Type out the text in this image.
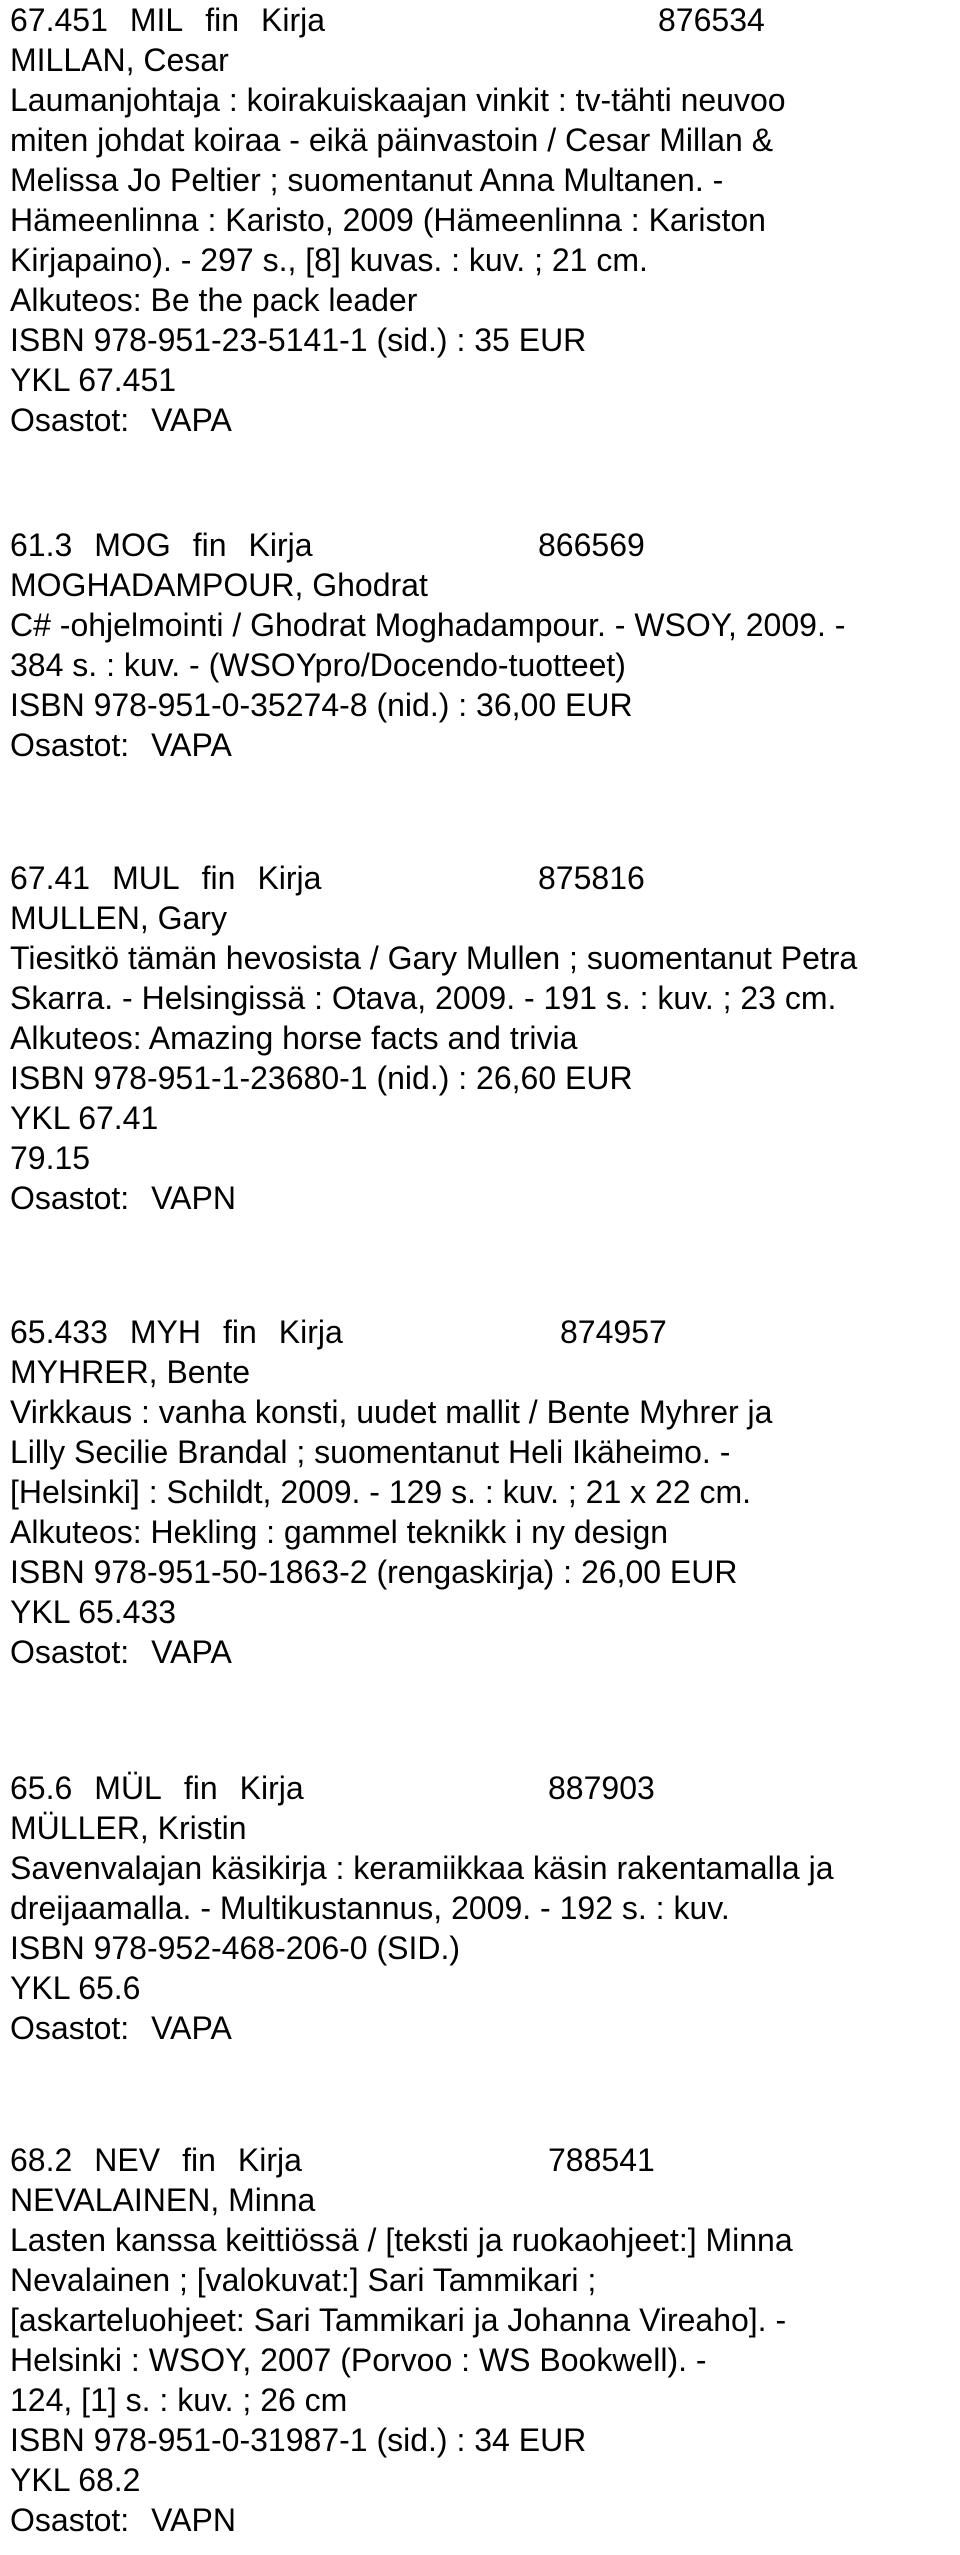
67.451 MIL fin Kirja	876534
MILLAN, Cesar
Laumanjohtaja : koirakuiskaajan vinkit : tv-tähti neuvoo
miten johdat koiraa - eikä päinvastoin / Cesar Millan &
Melissa Jo Peltier ; suomentanut Anna Multanen. -
Hämeenlinna : Karisto, 2009 (Hämeenlinna : Kariston
Kirjapaino). - 297 s., [8] kuvas. : kuv. ; 21 cm.
Alkuteos: Be the pack leader
ISBN 978-951-23-5141-1 (sid.) : 35 EUR
YKL 67.451
Osastot: VAPA
61.3 MOG fin Kirja	866569
MOGHADAMPOUR, Ghodrat
C# -ohjelmointi / Ghodrat Moghadampour. - WSOY, 2009. -
384 s. : kuv. - (WSOYpro/Docendo-tuotteet)
ISBN 978-951-0-35274-8 (nid.) : 36,00 EUR
Osastot: VAPA
67.41 MUL fin Kirja	875816
MULLEN, Gary
Tiesitkö tämän hevosista / Gary Mullen ; suomentanut Petra
Skarra. - Helsingissä : Otava, 2009. - 191 s. : kuv. ; 23 cm.
Alkuteos: Amazing horse facts and trivia
ISBN 978-951-1-23680-1 (nid.) : 26,60 EUR
YKL 67.41
79.15
Osastot: VAPN
65.433 MYH fin Kirja	874957
MYHRER, Bente
Virkkaus : vanha konsti, uudet mallit / Bente Myhrer ja
Lilly Secilie Brandal ; suomentanut Heli Ikäheimo. -
[Helsinki] : Schildt, 2009. - 129 s. : kuv. ; 21 x 22 cm.
Alkuteos: Hekling : gammel teknikk i ny design
ISBN 978-951-50-1863-2 (rengaskirja) : 26,00 EUR
YKL 65.433
Osastot: VAPA
65.6 MÜL fin Kirja	887903
MÜLLER, Kristin
Savenvalajan käsikirja : keramiikkaa käsin rakentamalla ja
dreijaamalla. - Multikustannus, 2009. - 192 s. : kuv.
ISBN 978-952-468-206-0 (SID.)
YKL 65.6
Osastot: VAPA
68.2 NEV fin Kirja	788541
NEVALAINEN, Minna
Lasten kanssa keittiössä / [teksti ja ruokaohjeet:] Minna
Nevalainen ; [valokuvat:] Sari Tammikari ;
[askarteluohjeet: Sari Tammikari ja Johanna Vireaho]. -
Helsinki : WSOY, 2007 (Porvoo : WS Bookwell). -
124, [1] s. : kuv. ; 26 cm
ISBN 978-951-0-31987-1 (sid.) : 34 EUR
YKL 68.2
Osastot: VAPN
